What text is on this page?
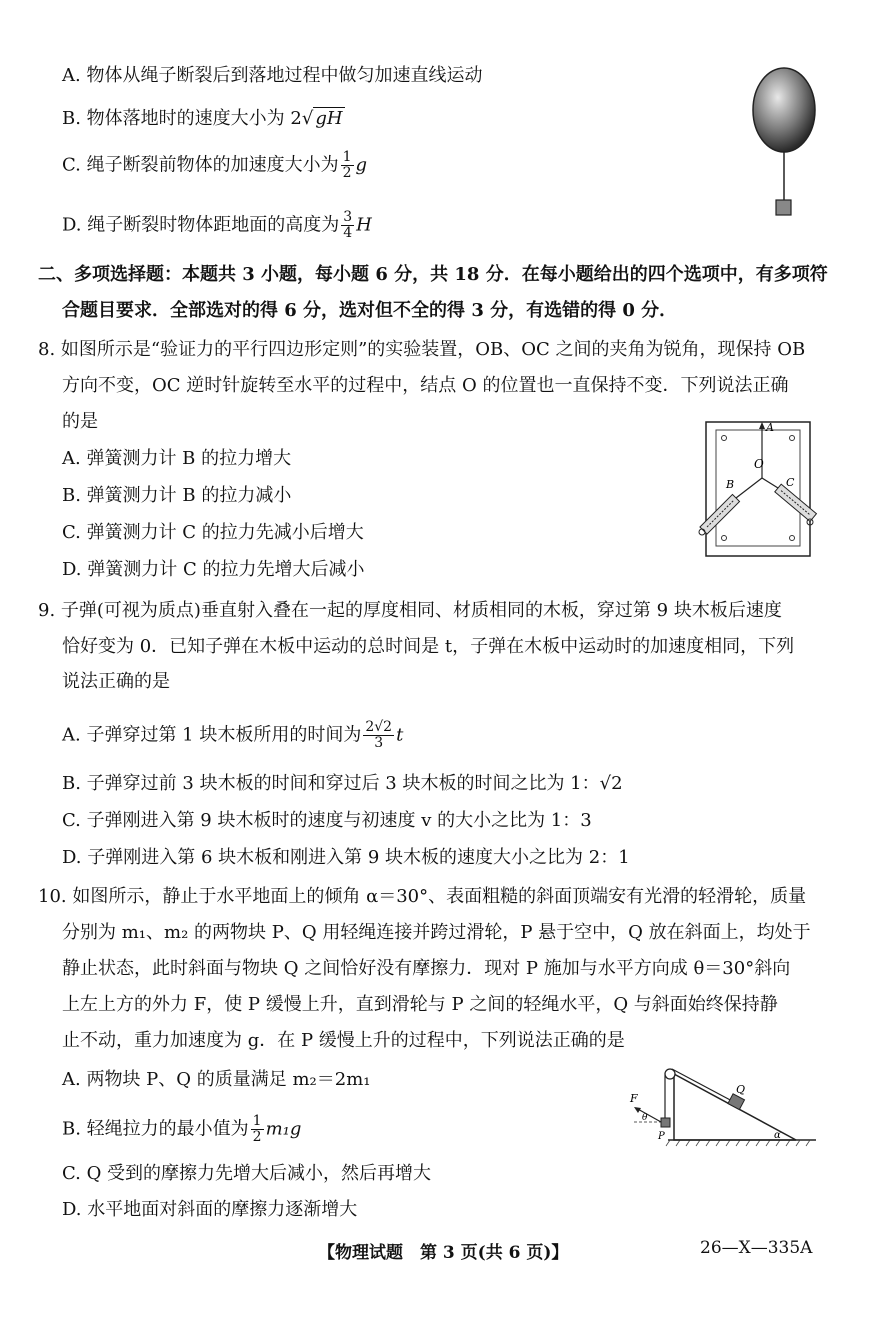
A. 物体从绳子断裂后到落地过程中做匀加速直线运动
B. 物体落地时的速度大小为 2√ gH
C. 绳子断裂前物体的加速度大小为 $\frac{1}{2}$ g
D. 绳子断裂时物体距地面的高度为 $\frac{3}{4}$ H
二、多项选择题：本题共 3 小题，每小题 6 分，共 18 分．在每小题给出的四个选项中，有多项符
合题目要求．全部选对的得 6 分，选对但不全的得 3 分，有选错的得 0 分．
8. 如图所示是“验证力的平行四边形定则”的实验装置，OB、OC 之间的夹角为锐角，现保持 OB
方向不变，OC 逆时针旋转至水平的过程中，结点 O 的位置也一直保持不变．下列说法正确
的是
A. 弹簧测力计 B 的拉力增大
B. 弹簧测力计 B 的拉力减小
C. 弹簧测力计 C 的拉力先减小后增大
D. 弹簧测力计 C 的拉力先增大后减小
A
O
B	C
9. 子弹(可视为质点)垂直射入叠在一起的厚度相同、材质相同的木板，穿过第 9 块木板后速度
恰好变为 0．已知子弹在木板中运动的总时间是 t，子弹在木板中运动时的加速度相同，下列
说法正确的是
A. 子弹穿过第 1 块木板所用的时间为 $\frac{2√2}{3}$ t
B. 子弹穿过前 3 块木板的时间和穿过后 3 块木板的时间之比为 1：√2
C. 子弹刚进入第 9 块木板时的速度与初速度 v 的大小之比为 1：3
D. 子弹刚进入第 6 块木板和刚进入第 9 块木板的速度大小之比为 2：1
10. 如图所示，静止于水平地面上的倾角 α＝30°、表面粗糙的斜面顶端安有光滑的轻滑轮，质量
分别为 m₁、m₂ 的两物块 P、Q 用轻绳连接并跨过滑轮，P 悬于空中，Q 放在斜面上，均处于
静止状态，此时斜面与物块 Q 之间恰好没有摩擦力．现对 P 施加与水平方向成 θ＝30°斜向
上左上方的外力 F，使 P 缓慢上升，直到滑轮与 P 之间的轻绳水平，Q 与斜面始终保持静
止不动，重力加速度为 g．在 P 缓慢上升的过程中，下列说法正确的是
A. 两物块 P、Q 的质量满足 m₂＝2m₁
B. 轻绳拉力的最小值为 $\frac{1}{2} m_1g$
C. Q 受到的摩擦力先增大后减小，然后再增大
D. 水平地面对斜面的摩擦力逐渐增大
Q
P
F
θ
α
【物理试题　第 3 页(共 6 页)】	26—X—335A
